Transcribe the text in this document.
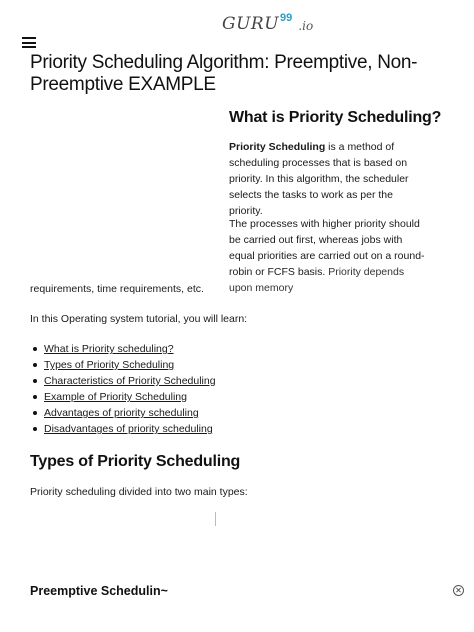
GURU 99
.io
Priority Scheduling Algorithm: Preemptive, Non-Preemptive EXAMPLE
What is Priority Scheduling?

Priority Scheduling is a method of scheduling processes that is based on priority. In this algorithm, the scheduler selects the tasks to work as per the priority.

The processes with higher priority should be carried out first, whereas jobs with equal priorities are carried out on a round-robin or FCFS basis. Priority depends upon memory

requirements, time requirements, etc.

In this Operating system tutorial, you will learn:

What is Priority scheduling?
Types of Priority Scheduling
Characteristics of Priority Scheduling
Example of Priority Scheduling
Advantages of priority scheduling
Disadvantages of priority scheduling
Types of Priority Scheduling

Priority scheduling divided into two main types:

Preemptive Schedulin~	✕
